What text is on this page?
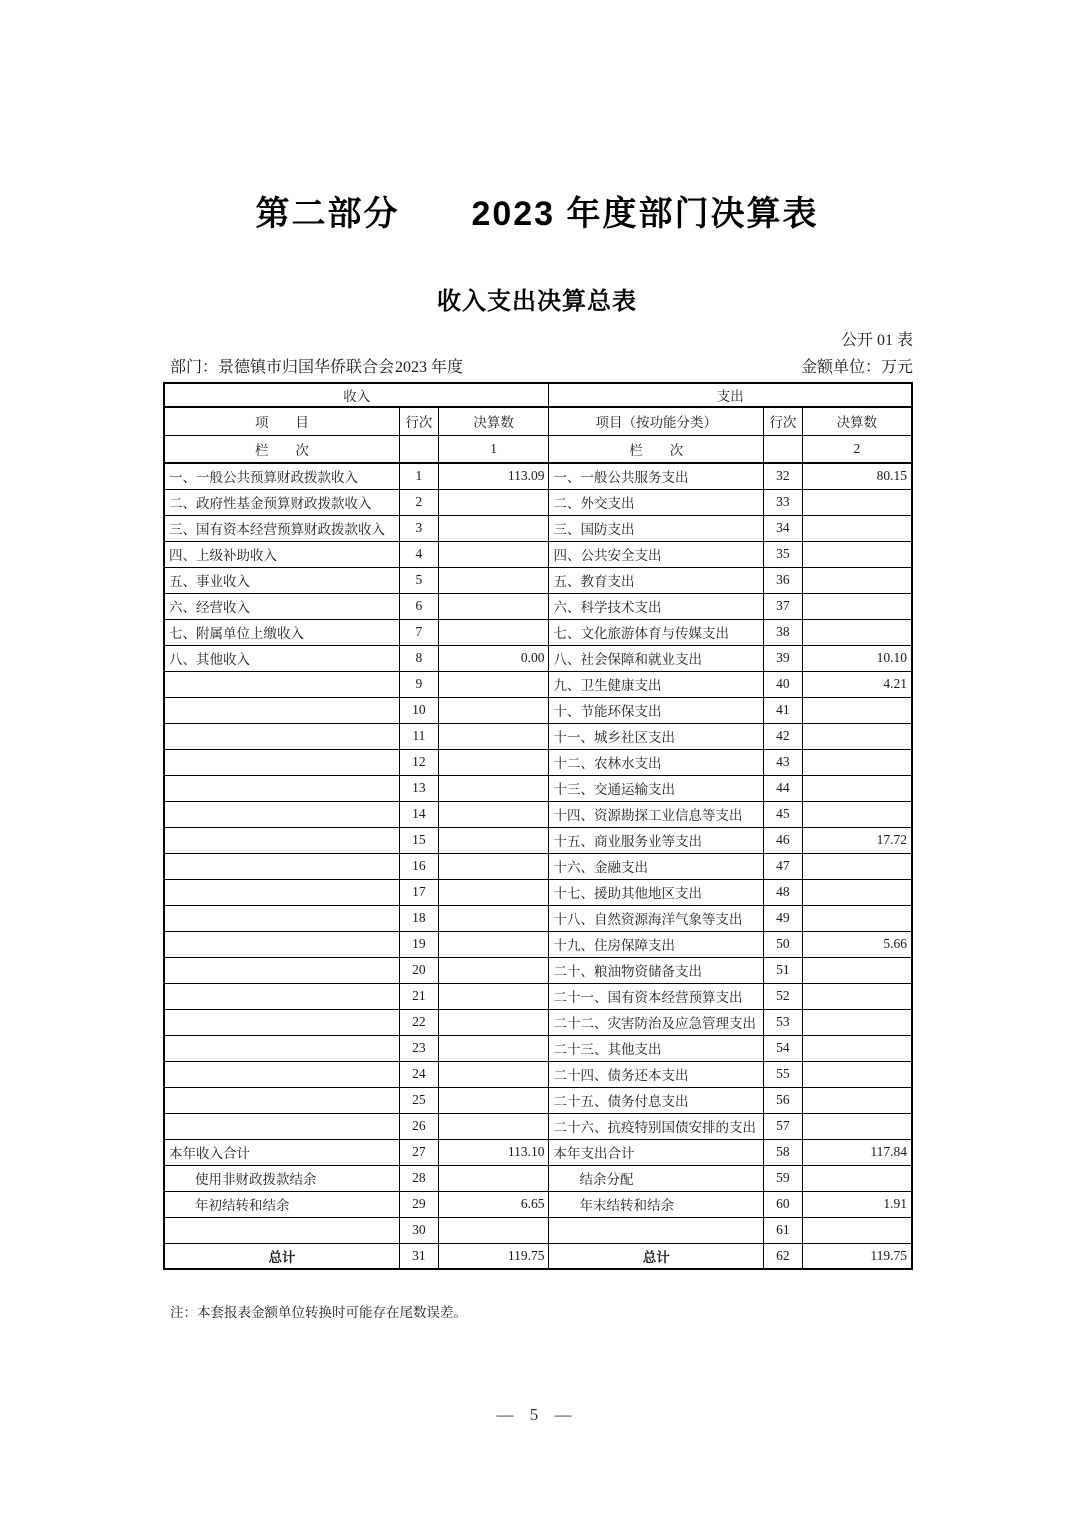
第二部分　　2023 年度部门决算表
收入支出决算总表
公开 01 表
部门：景德镇市归国华侨联合会 2023 年度	金额单位：万元
收入			支出		
项　　目	行次	决算数	项目（按功能分类）	行次	决算数
栏　　次		1	栏　　次		2
一、一般公共预算财政拨款收入	1	113.09	一、一般公共服务支出	32	80.15
二、政府性基金预算财政拨款收入	2		二、外交支出	33	
三、国有资本经营预算财政拨款收入	3		三、国防支出	34	
四、上级补助收入	4		四、公共安全支出	35	
五、事业收入	5		五、教育支出	36	
六、经营收入	6		六、科学技术支出	37	
七、附属单位上缴收入	7		七、文化旅游体育与传媒支出	38	
八、其他收入	8	0.00	八、社会保障和就业支出	39	10.10
	9		九、卫生健康支出	40	4.21
	10		十、节能环保支出	41	
	11		十一、城乡社区支出	42	
	12		十二、农林水支出	43	
	13		十三、交通运输支出	44	
	14		十四、资源勘探工业信息等支出	45	
	15		十五、商业服务业等支出	46	17.72
	16		十六、金融支出	47	
	17		十七、援助其他地区支出	48	
	18		十八、自然资源海洋气象等支出	49	
	19		十九、住房保障支出	50	5.66
	20		二十、粮油物资储备支出	51	
	21		二十一、国有资本经营预算支出	52	
	22		二十二、灾害防治及应急管理支出	53	
	23		二十三、其他支出	54	
	24		二十四、债务还本支出	55	
	25		二十五、债务付息支出	56	
	26		二十六、抗疫特别国债安排的支出	57	
本年收入合计	27	113.10	本年支出合计	58	117.84

使用非财政拨款结余	28		结余分配	59	

年初结转和结余	29	6.65	年末结转和结余	60	1.91
	30			61	
总计	31	119.75	总计	62	119.75
注：本套报表金额单位转换时可能存在尾数误差。
— 5 —
